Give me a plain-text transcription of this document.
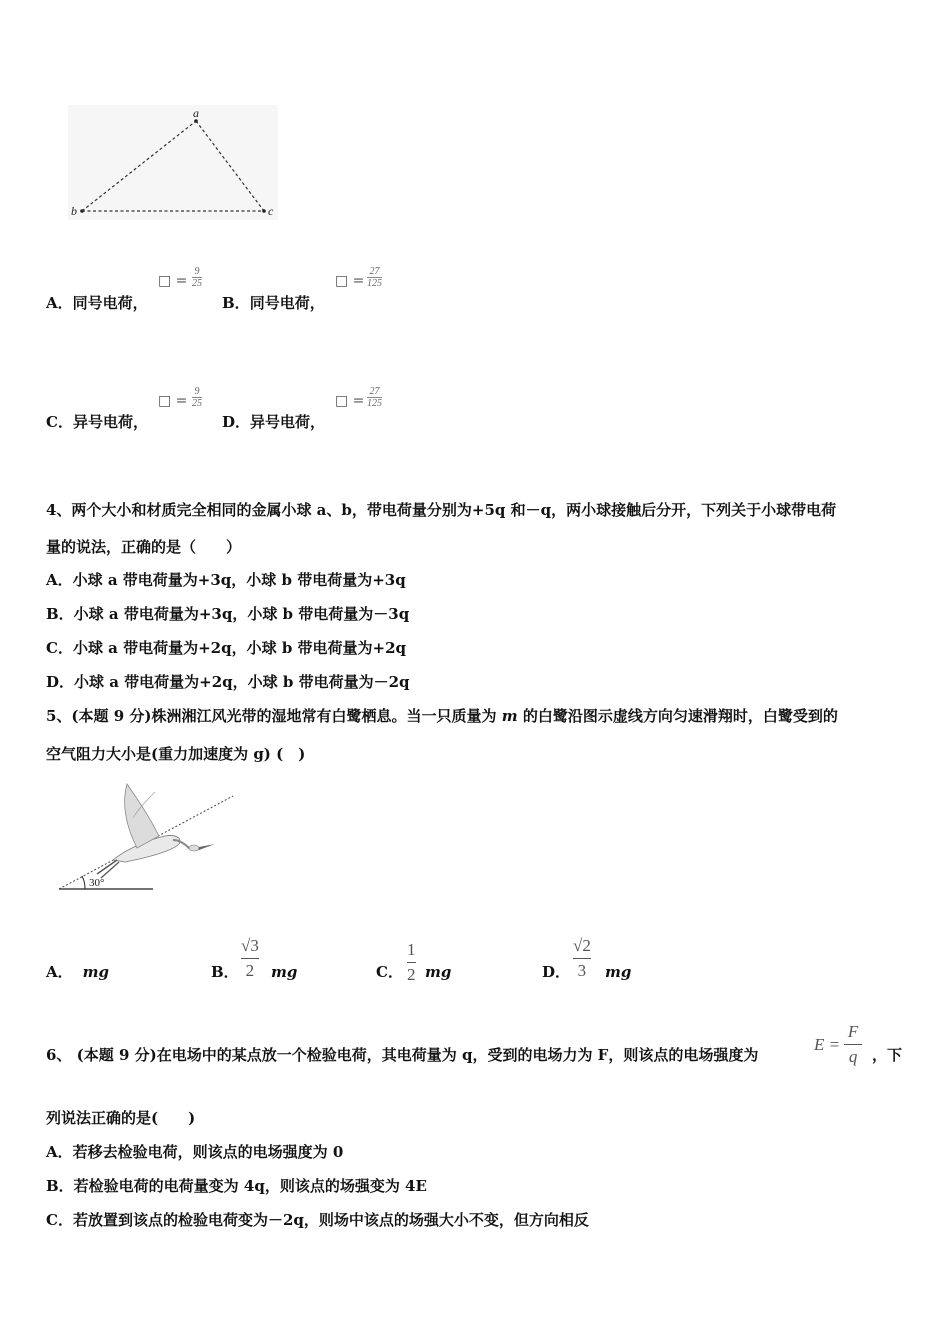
a
b	c
A．同号电荷，
□ =
9
25
B．同号电荷，
□ =
27
125
C．异号电荷，
□ =
9
25
D．异号电荷，
□ =
27
125
4、两个大小和材质完全相同的金属小球 a、b，带电荷量分别为+5q 和－q，两小球接触后分开，下列关于小球带电荷
量的说法，正确的是（　　）
A．小球 a 带电荷量为+3q，小球 b 带电荷量为+3q
B．小球 a 带电荷量为+3q，小球 b 带电荷量为－3q
C．小球 a 带电荷量为+2q，小球 b 带电荷量为+2q
D．小球 a 带电荷量为+2q，小球 b 带电荷量为－2q
5、(本题 9 分)株洲湘江风光带的湿地常有白鹭栖息。当一只质量为 m 的白鹭沿图示虚线方向匀速滑翔时，白鹭受到的
空气阻力大小是(重力加速度为 g) (　)
30°
A． mg	B．
√3
2 mg	C．
1
2 mg	D．
√2
3 mg
6、 (本题 9 分)在电场中的某点放一个检验电荷，其电荷量为 q，受到的电场力为 F，则该点的电场强度为
E =
F
q ，下
列说法正确的是(　　)
A．若移去检验电荷，则该点的电场强度为 0
B．若检验电荷的电荷量变为 4q，则该点的场强变为 4E
C．若放置到该点的检验电荷变为－2q，则场中该点的场强大小不变，但方向相反
